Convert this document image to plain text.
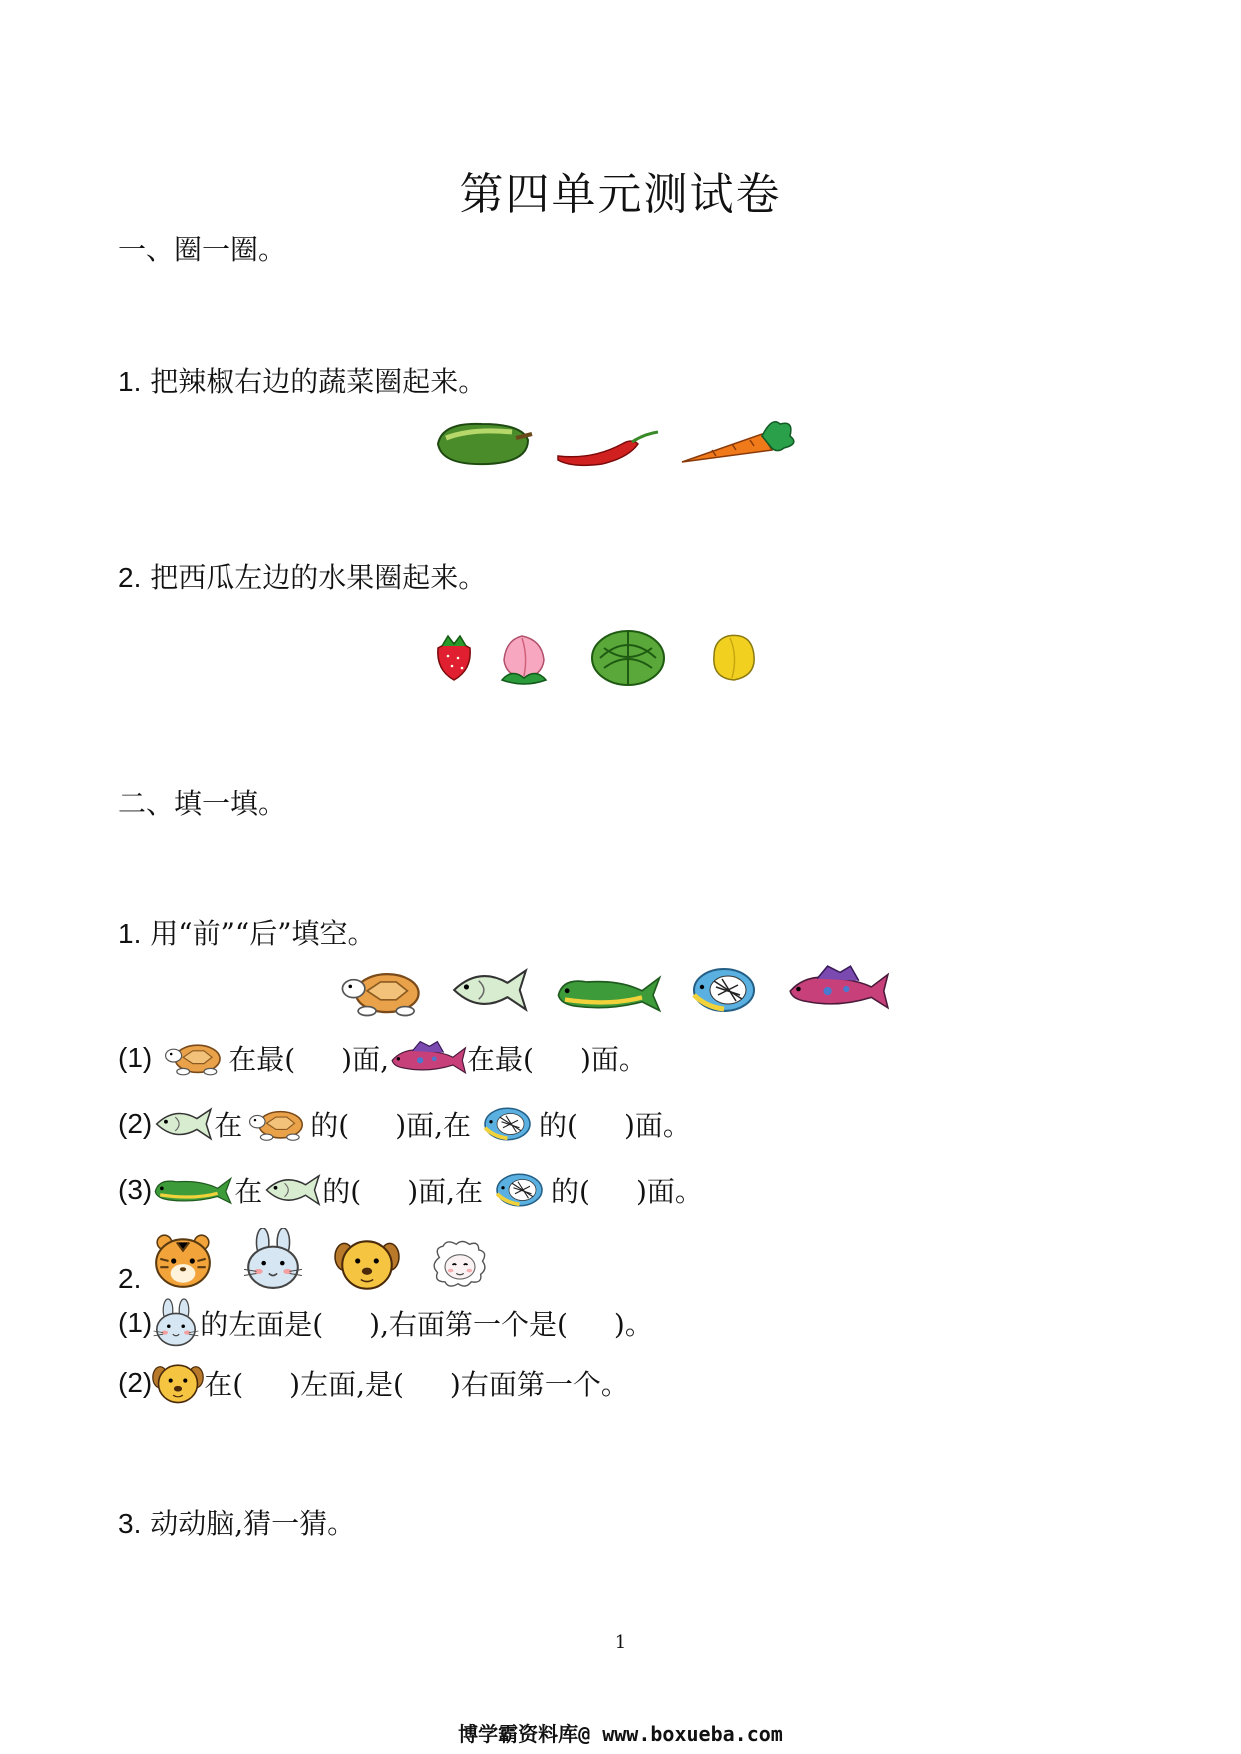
第四单元测试卷
一、圈一圈。
1. 把辣椒右边的蔬菜圈起来。
2. 把西瓜左边的水果圈起来。
二、填一填。
1. 用“前”“后”填空。
(1)	在最( )面,	在最( )面。
(2) 在 的( )面,在 的( )面。
(3)	在 的( )面,在 的( )面。
2.
(1) 的左面是( ),右面第一个是( )。
(2) 在( )左面,是( )右面第一个。
3. 动动脑,猜一猜。
1
博学霸资料库@ www.boxueba.com
